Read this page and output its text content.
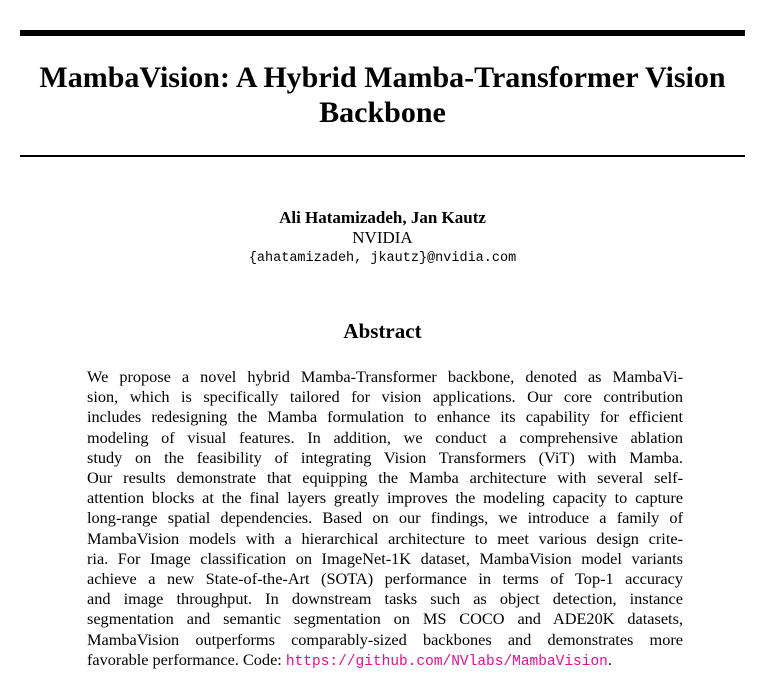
MambaVision: A Hybrid Mamba-Transformer Vision
Backbone
Ali Hatamizadeh, Jan Kautz
NVIDIA
{ahatamizadeh, jkautz}@nvidia.com
Abstract
We propose a novel hybrid Mamba-Transformer backbone, denoted as MambaVi-
sion, which is specifically tailored for vision applications. Our core contribution
includes redesigning the Mamba formulation to enhance its capability for efficient
modeling of visual features. In addition, we conduct a comprehensive ablation
study on the feasibility of integrating Vision Transformers (ViT) with Mamba.
Our results demonstrate that equipping the Mamba architecture with several self-
attention blocks at the final layers greatly improves the modeling capacity to capture
long-range spatial dependencies. Based on our findings, we introduce a family of
MambaVision models with a hierarchical architecture to meet various design crite-
ria. For Image classification on ImageNet-1K dataset, MambaVision model variants
achieve a new State-of-the-Art (SOTA) performance in terms of Top-1 accuracy
and image throughput. In downstream tasks such as object detection, instance
segmentation and semantic segmentation on MS COCO and ADE20K datasets,
MambaVision outperforms comparably-sized backbones and demonstrates more
favorable performance. Code: https://github.com/NVlabs/MambaVision.
